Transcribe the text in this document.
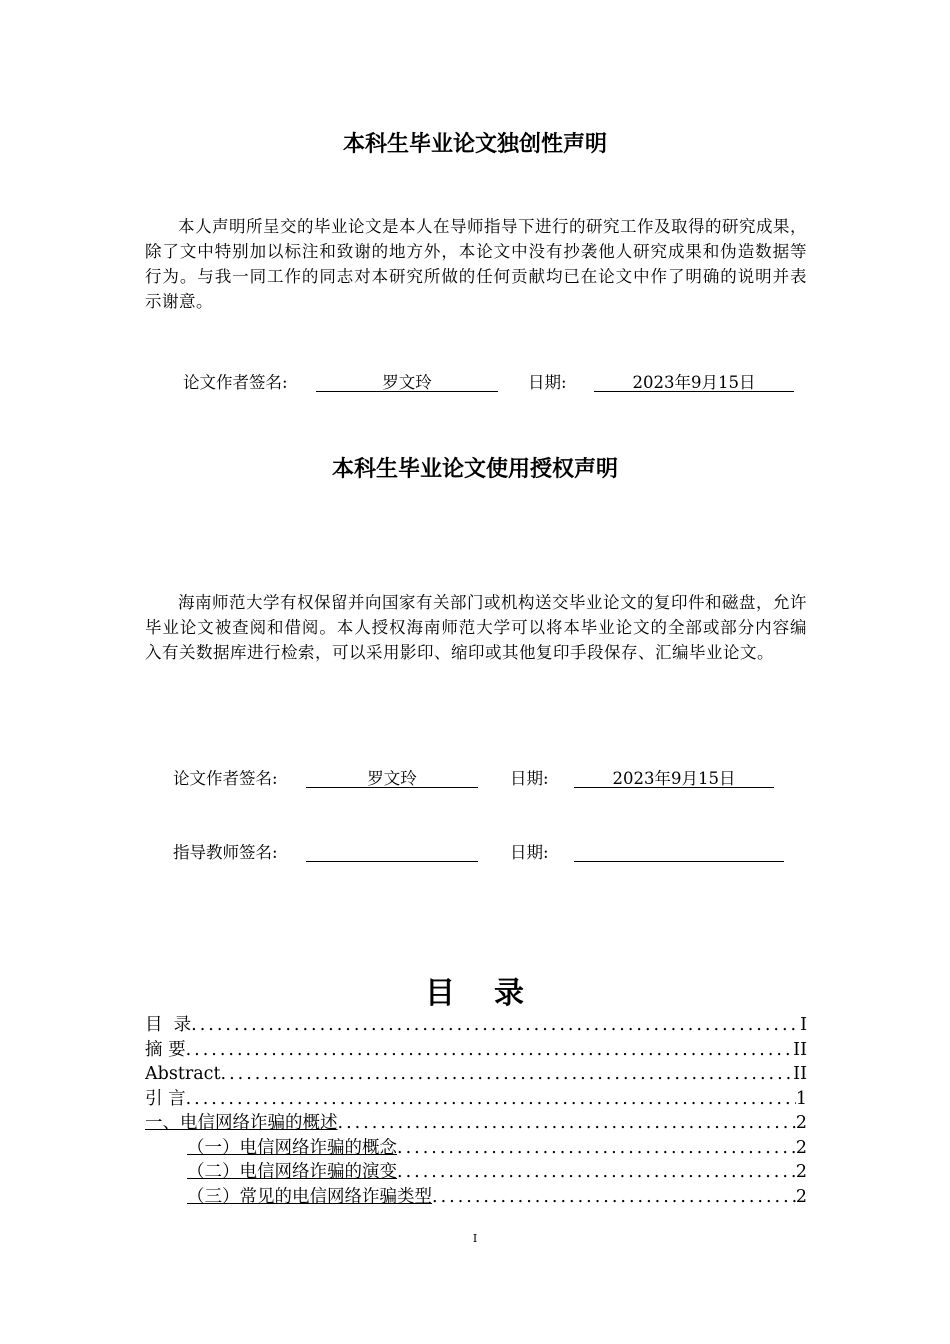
本科生毕业论文独创性声明
本人声明所呈交的毕业论文是本人在导师指导下进行的研究工作及取得的研究成果，除了文中特别加以标注和致谢的地方外，本论文中没有抄袭他人研究成果和伪造数据等行为。与我一同工作的同志对本研究所做的任何贡献均已在论文中作了明确的说明并表示谢意。
论文作者签名:	罗文玲	日期:	2023年9月15日
本科生毕业论文使用授权声明
海南师范大学有权保留并向国家有关部门或机构送交毕业论文的复印件和磁盘，允许毕业论文被查阅和借阅。本人授权海南师范大学可以将本毕业论文的全部或部分内容编入有关数据库进行检索，可以采用影印、缩印或其他复印手段保存、汇编毕业论文。
论文作者签名:	罗文玲	日期:	2023年9月15日
指导教师签名:	日期:
目 录
目  录 .....	I
摘 要 .....	II
Abstract .....	II
引 言 .....	1
一、电信网络诈骗的概述 .....	2
（一）电信网络诈骗的概念 .....	2
（二）电信网络诈骗的演变 .....	2
（三）常见的电信网络诈骗类型 .....	2
I
